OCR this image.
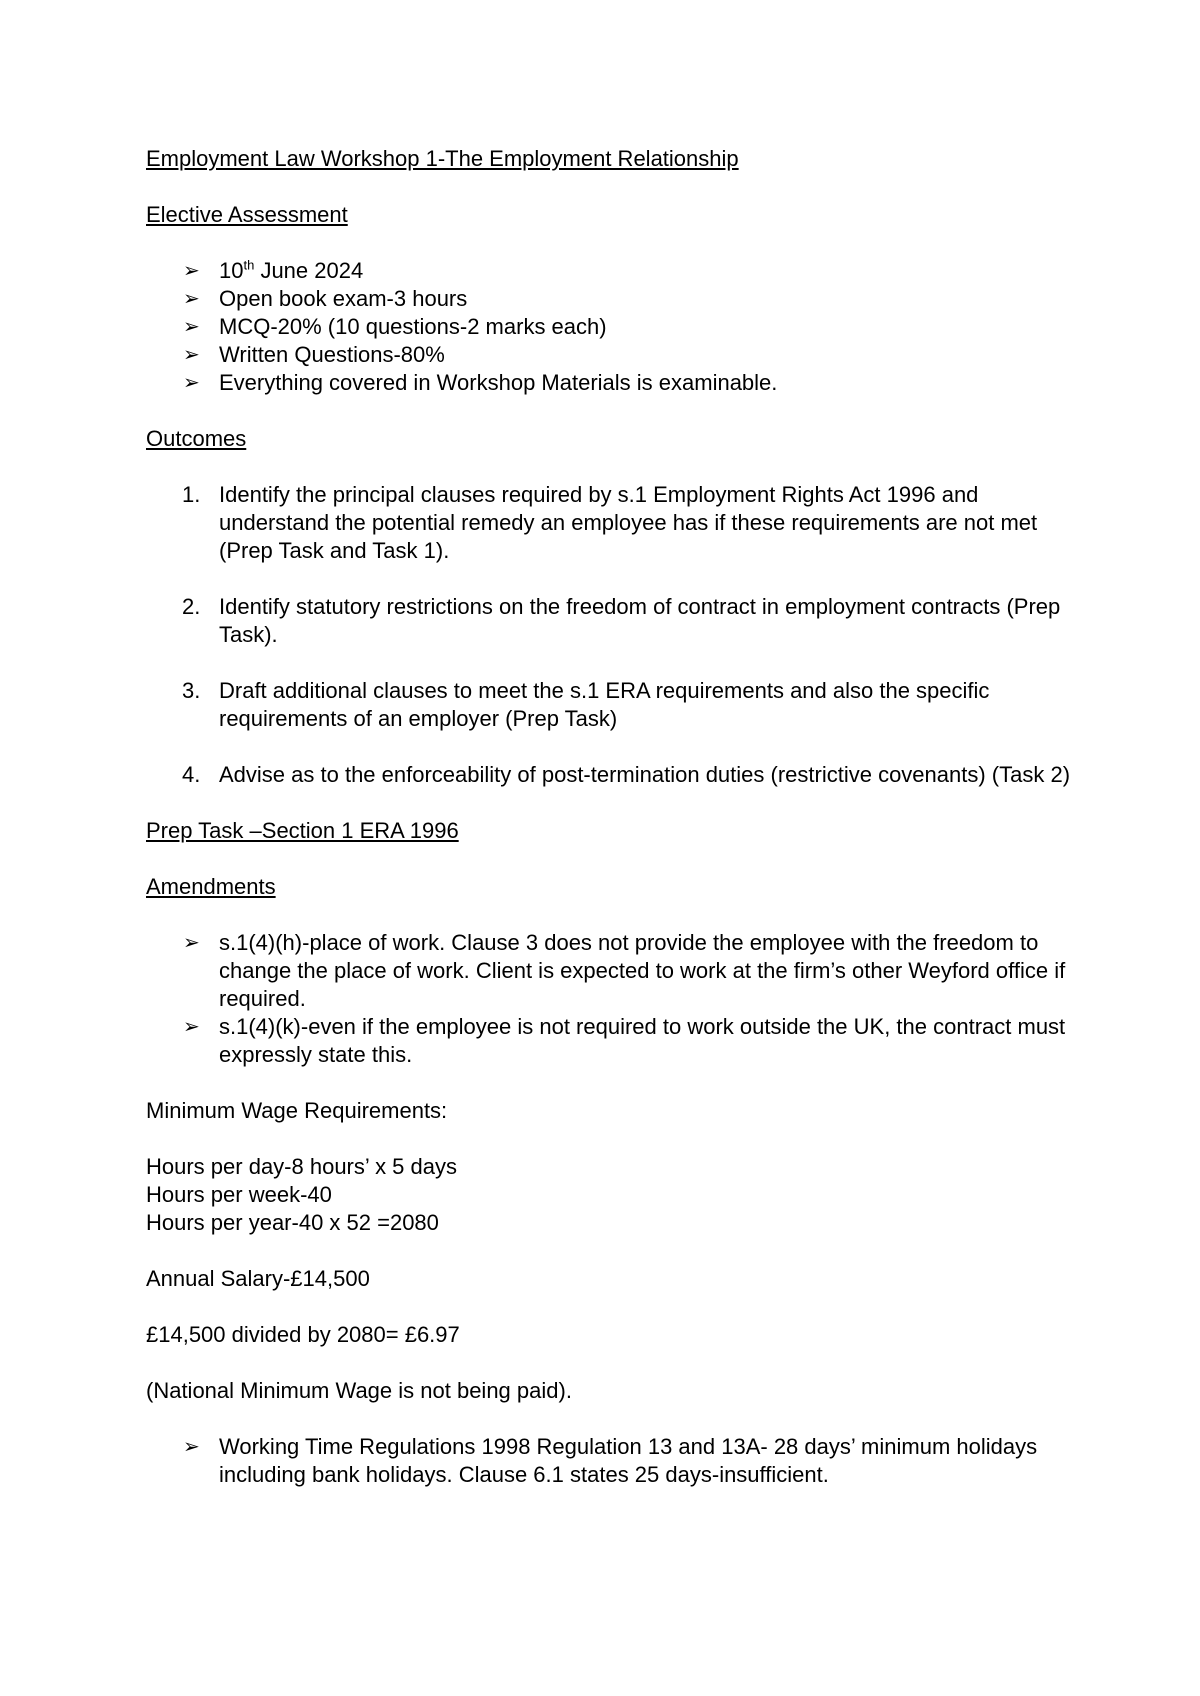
Employment Law Workshop 1-The Employment Relationship

Elective Assessment

➢ 10th June 2024
➢ Open book exam-3 hours
➢ MCQ-20% (10 questions-2 marks each)
➢ Written Questions-80%
➢ Everything covered in Workshop Materials is examinable.

Outcomes

1. Identify the principal clauses required by s.1 Employment Rights Act 1996 and understand the potential remedy an employee has if these requirements are not met (Prep Task and Task 1).
2. Identify statutory restrictions on the freedom of contract in employment contracts (Prep Task).
3. Draft additional clauses to meet the s.1 ERA requirements and also the specific requirements of an employer (Prep Task)
4. Advise as to the enforceability of post-termination duties (restrictive covenants) (Task 2)

Prep Task –Section 1 ERA 1996

Amendments

➢ s.1(4)(h)-place of work. Clause 3 does not provide the employee with the freedom to change the place of work. Client is expected to work at the firm’s other Weyford office if required.
➢ s.1(4)(k)-even if the employee is not required to work outside the UK, the contract must expressly state this.

Minimum Wage Requirements:

Hours per day-8 hours’ x 5 days

Hours per week-40

Hours per year-40 x 52 =2080

Annual Salary-£14,500

£14,500 divided by 2080= £6.97

(National Minimum Wage is not being paid).

➢ Working Time Regulations 1998 Regulation 13 and 13A- 28 days’ minimum holidays including bank holidays. Clause 6.1 states 25 days-insufficient.
